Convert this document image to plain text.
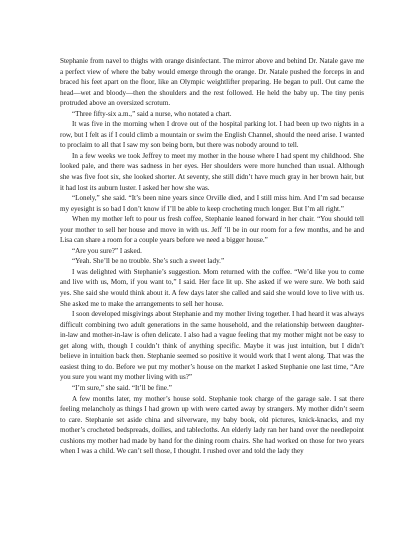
Stephanie from navel to thighs with orange disinfectant. The mirror above and behind Dr. Natale gave me a perfect view of where the baby would emerge through the orange. Dr. Natale pushed the forceps in and braced his feet apart on the floor, like an Olympic weightlifter preparing. He began to pull. Out came the head—wet and bloody—then the shoulders and the rest followed. He held the baby up. The tiny penis protruded above an oversized scrotum.

“Three fifty-six a.m.,” said a nurse, who notated a chart.

It was five in the morning when I drove out of the hospital parking lot. I had been up two nights in a row, but I felt as if I could climb a mountain or swim the English Channel, should the need arise. I wanted to proclaim to all that I saw my son being born, but there was nobody around to tell.

In a few weeks we took Jeffrey to meet my mother in the house where I had spent my childhood. She looked pale, and there was sadness in her eyes. Her shoulders were more hunched than usual. Although she was five foot six, she looked shorter. At seventy, she still didn’t have much gray in her brown hair, but it had lost its auburn luster. I asked her how she was.

“Lonely,” she said. “It’s been nine years since Orville died, and I still miss him. And I’m sad because my eyesight is so bad I don’t know if I’ll be able to keep crocheting much longer. But I’m all right.”

When my mother left to pour us fresh coffee, Stephanie leaned forward in her chair. “You should tell your mother to sell her house and move in with us. Jeff ’ll be in our room for a few months, and he and Lisa can share a room for a couple years before we need a bigger house.”

“Are you sure?” I asked.

“Yeah. She’ll be no trouble. She’s such a sweet lady.”

I was delighted with Stephanie’s suggestion. Mom returned with the coffee. “We’d like you to come and live with us, Mom, if you want to,” I said. Her face lit up. She asked if we were sure. We both said yes. She said she would think about it. A few days later she called and said she would love to live with us. She asked me to make the arrangements to sell her house.

I soon developed misgivings about Stephanie and my mother living together. I had heard it was always difficult combining two adult generations in the same household, and the relationship between daughter-in-law and mother-in-law is often delicate. I also had a vague feeling that my mother might not be easy to get along with, though I couldn’t think of anything specific. Maybe it was just intuition, but I didn’t believe in intuition back then. Stephanie seemed so positive it would work that I went along. That was the easiest thing to do. Before we put my mother’s house on the market I asked Stephanie one last time, “Are you sure you want my mother living with us?”

“I’m sure,” she said. “It’ll be fine.”

A few months later, my mother’s house sold. Stephanie took charge of the garage sale. I sat there feeling melancholy as things I had grown up with were carted away by strangers. My mother didn’t seem to care. Stephanie set aside china and silverware, my baby book, old pictures, knick-knacks, and my mother’s crocheted bedspreads, doilies, and tablecloths. An elderly lady ran her hand over the needlepoint cushions my mother had made by hand for the dining room chairs. She had worked on those for two years when I was a child. We can’t sell those, I thought. I rushed over and told the lady they
